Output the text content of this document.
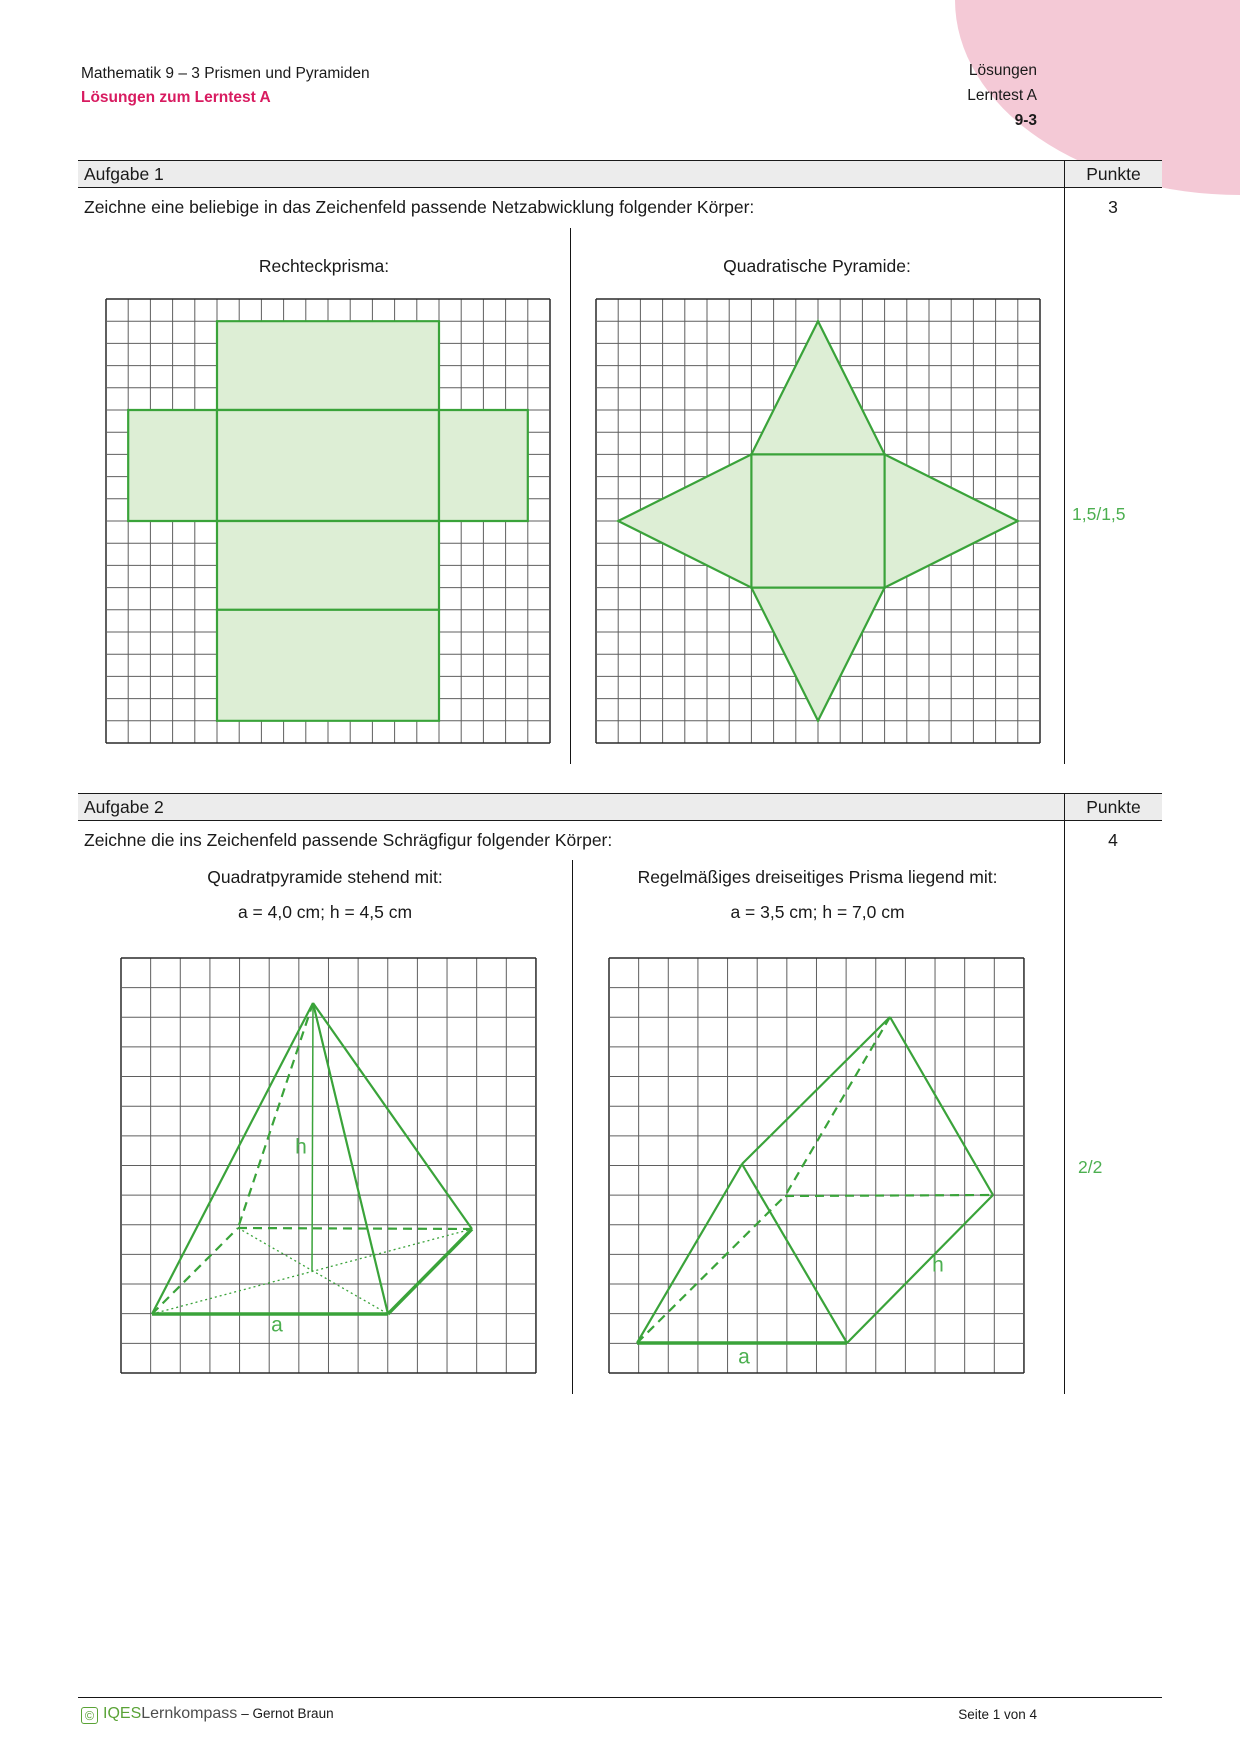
Mathematik 9 – 3 Prismen und Pyramiden
Lösungen zum Lerntest A
Lösungen
Lerntest A
9-3
Aufgabe 1	Punkte
Zeichne eine beliebige in das Zeichenfeld passende Netzabwicklung folgender Körper:	3
Rechteckprisma:	Quadratische Pyramide:
1,5/1,5
Aufgabe 2	Punkte
Zeichne die ins Zeichenfeld passende Schrägfigur folgender Körper:	4
Quadratpyramide stehend mit:
a = 4,0 cm; h = 4,5 cm
Regelmäßiges dreiseitiges Prisma liegend mit:
a = 3,5 cm; h = 7,0 cm
h
a
h
a
2/2
© IQESLernkompass – Gernot Braun	Seite 1 von 4
